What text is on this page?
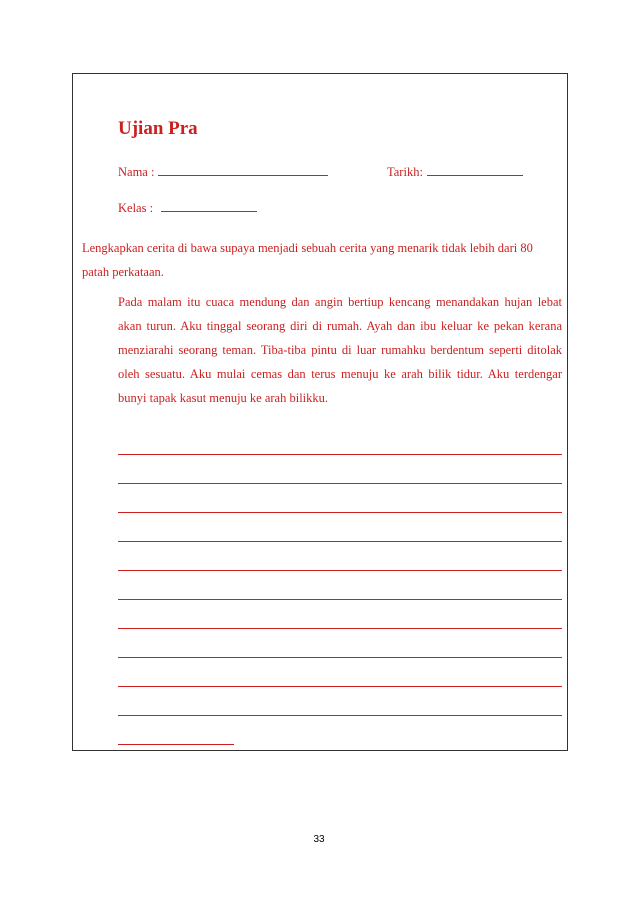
Ujian Pra
Nama :	Tarikh:
Kelas :
Lengkapkan cerita di bawa supaya menjadi sebuah cerita yang menarik tidak lebih dari 80
patah perkataan.

Pada malam itu cuaca mendung dan angin bertiup kencang menandakan hujan lebat akan turun. Aku tinggal seorang diri di rumah. Ayah dan ibu keluar ke pekan kerana menziarahi seorang teman. Tiba-tiba pintu di luar rumahku berdentum seperti ditolak oleh sesuatu. Aku mulai cemas dan terus menuju ke arah bilik tidur. Aku terdengar bunyi tapak kasut menuju ke arah bilikku.

33
